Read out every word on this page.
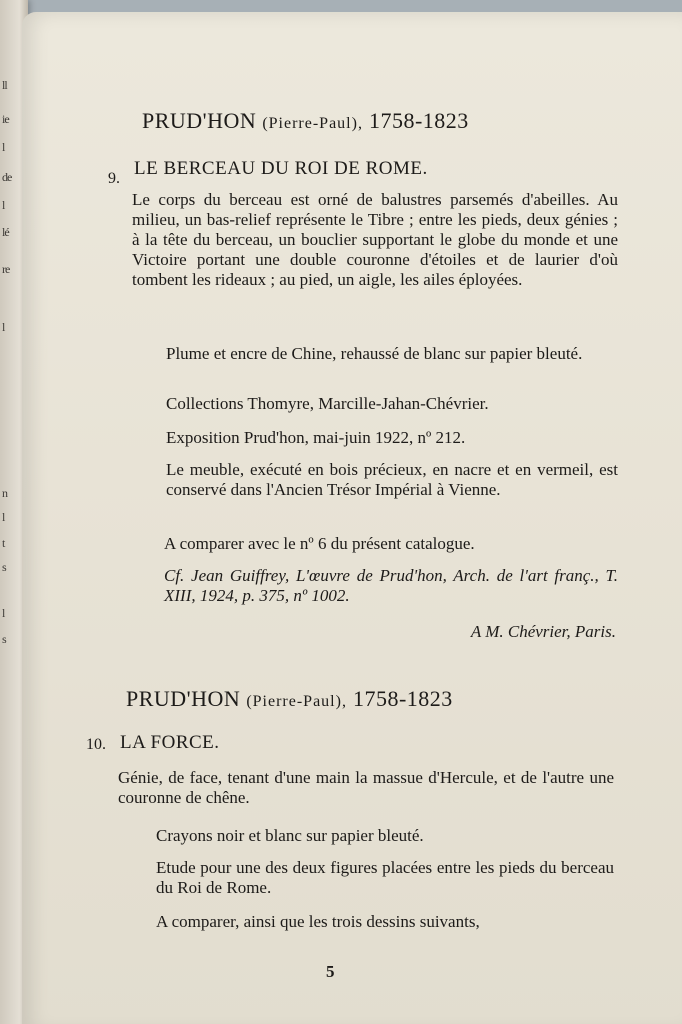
ll
ie
l
de
l
lé
re
l
n
l
t
s
l
s
PRUD'HON (Pierre-Paul), 1758-1823
9. LE BERCEAU DU ROI DE ROME.
Le corps du berceau est orné de balustres parsemés d'abeilles. Au milieu, un bas-relief représente le Tibre ; entre les pieds, deux génies ; à la tête du berceau, un bouclier supportant le globe du monde et une Victoire portant une double couronne d'étoiles et de laurier d'où tombent les rideaux ; au pied, un aigle, les ailes éployées.
Plume et encre de Chine, rehaussé de blanc sur papier bleuté.
Collections Thomyre, Marcille-Jahan-Chévrier.
Exposition Prud'hon, mai-juin 1922, nº 212.
Le meuble, exécuté en bois précieux, en nacre et en vermeil, est conservé dans l'Ancien Trésor Impérial à Vienne.
A comparer avec le nº 6 du présent catalogue.
Cf. Jean Guiffrey, L'œuvre de Prud'hon, Arch. de l'art franç., T. XIII, 1924, p. 375, nº 1002.
A M. Chévrier, Paris.
PRUD'HON (Pierre-Paul), 1758-1823
10. LA FORCE.
Génie, de face, tenant d'une main la massue d'Hercule, et de l'autre une couronne de chêne.
Crayons noir et blanc sur papier bleuté.
Etude pour une des deux figures placées entre les pieds du berceau du Roi de Rome.
A comparer, ainsi que les trois dessins suivants,
5
